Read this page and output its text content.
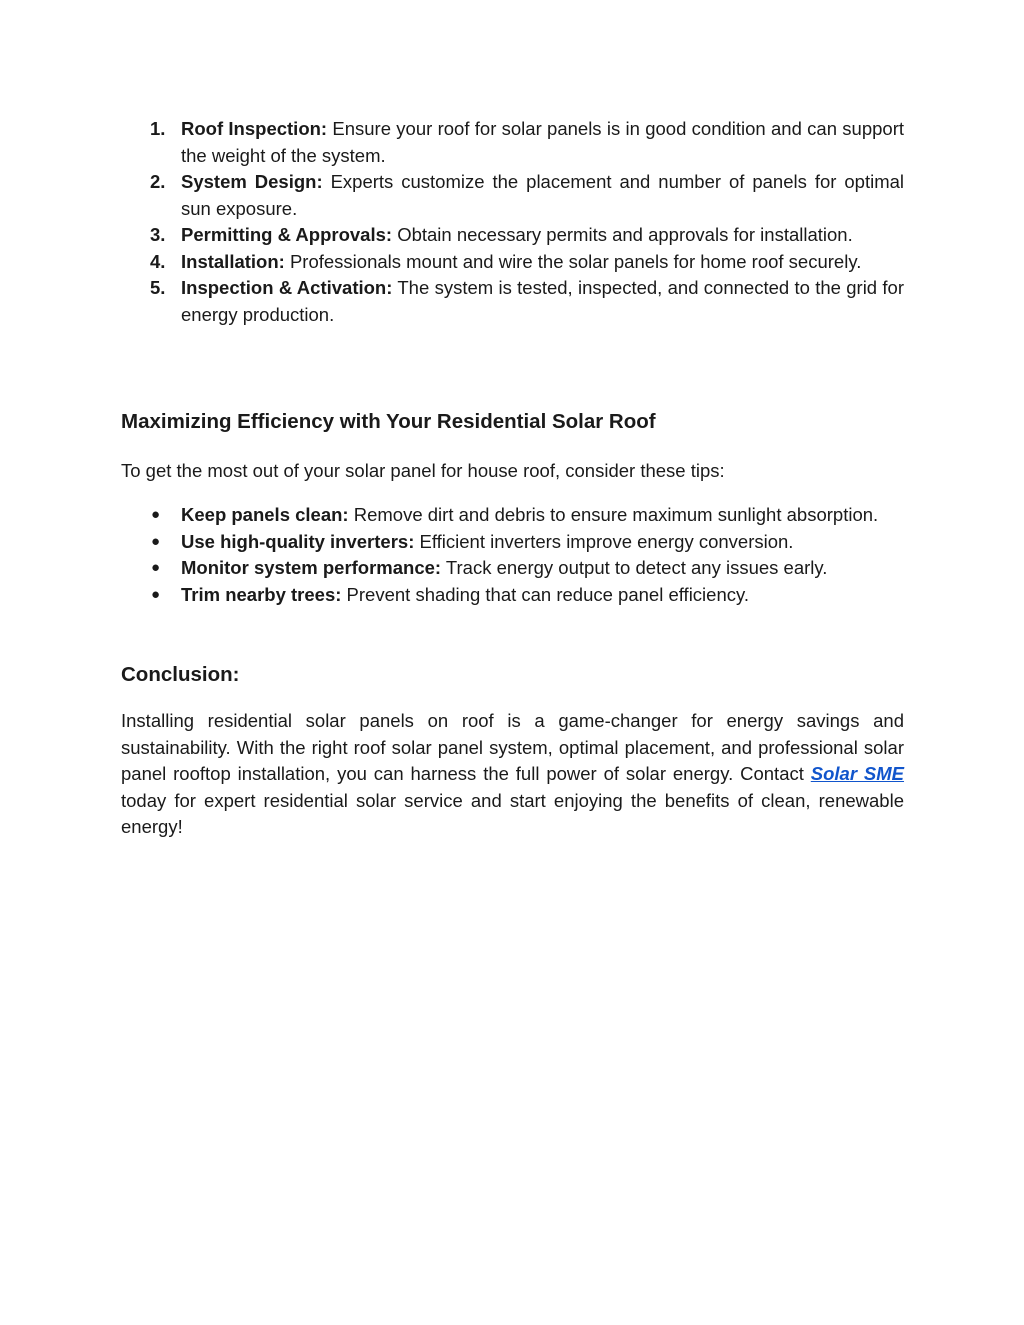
1. Roof Inspection: Ensure your roof for solar panels is in good condition and can support the weight of the system.
2. System Design: Experts customize the placement and number of panels for optimal sun exposure.
3. Permitting & Approvals: Obtain necessary permits and approvals for installation.
4. Installation: Professionals mount and wire the solar panels for home roof securely.
5. Inspection & Activation: The system is tested, inspected, and connected to the grid for energy production.
Maximizing Efficiency with Your Residential Solar Roof

To get the most out of your solar panel for house roof, consider these tips:

● Keep panels clean: Remove dirt and debris to ensure maximum sunlight absorption.
● Use high-quality inverters: Efficient inverters improve energy conversion.
● Monitor system performance: Track energy output to detect any issues early.
● Trim nearby trees: Prevent shading that can reduce panel efficiency.
Conclusion:

Installing residential solar panels on roof is a game-changer for energy savings and sustainability. With the right roof solar panel system, optimal placement, and professional solar panel rooftop installation, you can harness the full power of solar energy. Contact Solar SME today for expert residential solar service and start enjoying the benefits of clean, renewable energy!
